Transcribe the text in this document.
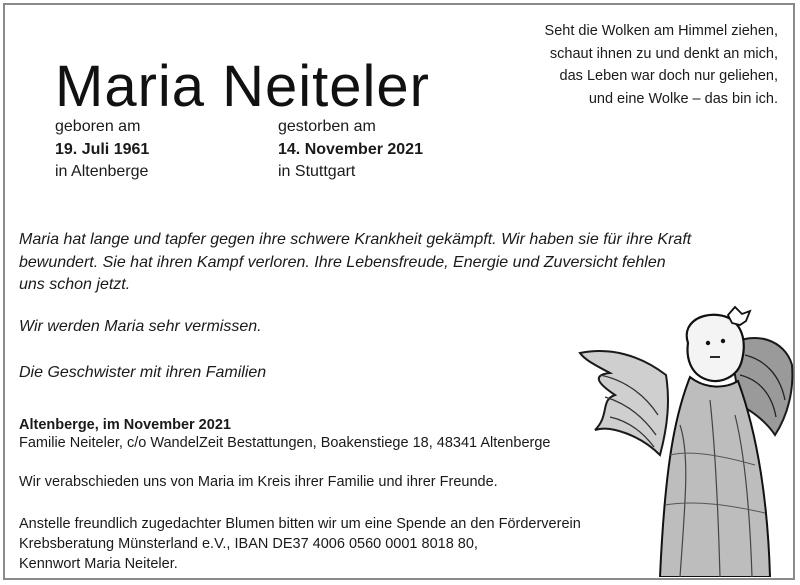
Seht die Wolken am Himmel ziehen,
schaut ihnen zu und denkt an mich,
das Leben war doch nur geliehen,
und eine Wolke – das bin ich.
Maria Neiteler
geboren am
19. Juli 1961
in Altenberge
gestorben am
14. November 2021
in Stuttgart
Maria hat lange und tapfer gegen ihre schwere Krankheit gekämpft. Wir haben sie für ihre Kraft
bewundert. Sie hat ihren Kampf verloren. Ihre Lebensfreude, Energie und Zuversicht fehlen
uns schon jetzt.
Wir werden Maria sehr vermissen.
Die Geschwister mit ihren Familien
Altenberge, im November 2021
Familie Neiteler, c/o WandelZeit Bestattungen, Boakenstiege 18, 48341 Altenberge
Wir verabschieden uns von Maria im Kreis ihrer Familie und ihrer Freunde.
Anstelle freundlich zugedachter Blumen bitten wir um eine Spende an den Förderverein
Krebsberatung Münsterland e.V., IBAN DE37 4006 0560 0001 8018 80,
Kennwort Maria Neiteler.
